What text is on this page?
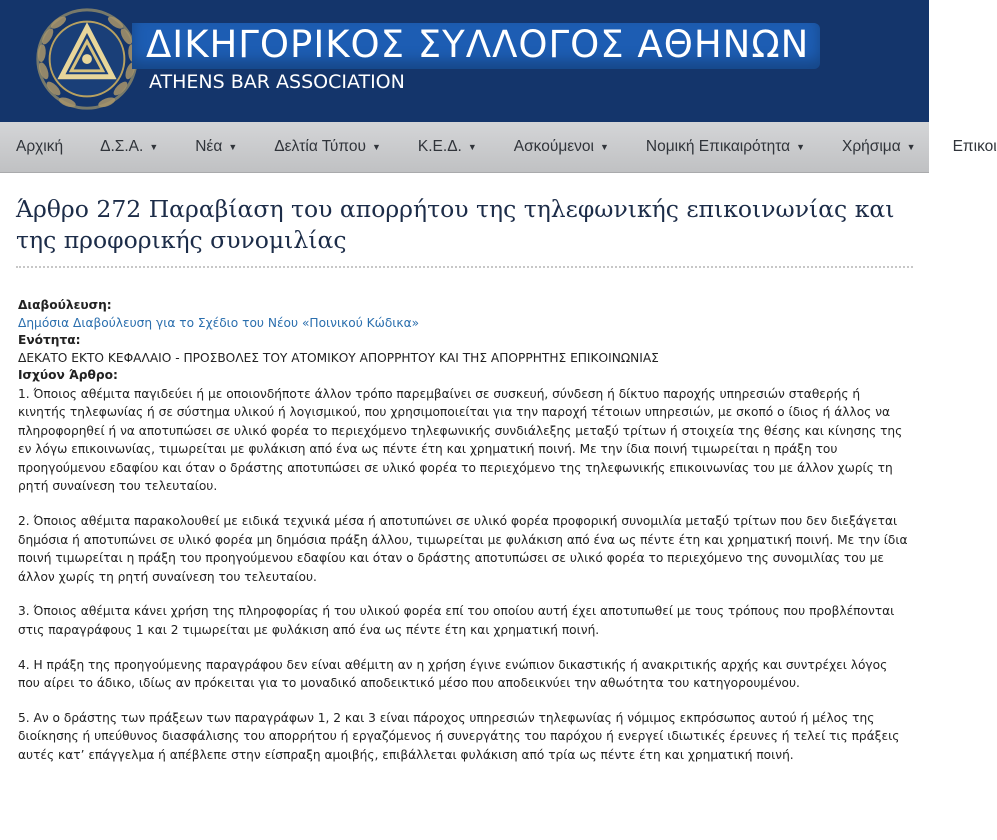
ΔΙΚΗΓΟΡΙΚΟΣ ΣΥΛΛΟΓΟΣ ΑΘΗΝΩΝ
ATHENS BAR ASSOCIATION
Αρχική Δ.Σ.Α. ▼ Νέα ▼ Δελτία Τύπου ▼ Κ.Ε.Δ. ▼ Ασκούμενοι ▼ Νομική Επικαιρότητα ▼ Χρήσιμα ▼ Επικοι
Άρθρο 272 Παραβίαση του απορρήτου της τηλεφωνικής επικοινωνίας και της προφορικής συνομιλίας
Διαβούλευση:
Δημόσια Διαβούλευση για το Σχέδιο του Νέου «Ποινικού Κώδικα»
Ενότητα:
ΔΕΚΑΤΟ ΕΚΤΟ ΚΕΦΑΛΑΙΟ - ΠΡΟΣΒΟΛΕΣ ΤΟΥ ΑΤΟΜΙΚΟΥ ΑΠΟΡΡΗΤΟΥ ΚΑΙ ΤΗΣ ΑΠΟΡΡΗΤΗΣ ΕΠΙΚΟΙΝΩΝΙΑΣ
Ισχύον Άρθρο:

1. Όποιος αθέμιτα παγιδεύει ή με οποιονδήποτε άλλον τρόπο παρεμβαίνει σε συσκευή, σύνδεση ή δίκτυο παροχής υπηρεσιών σταθερής ή κινητής τηλεφωνίας ή σε σύστημα υλικού ή λογισμικού, που χρησιμοποιείται για την παροχή τέτοιων υπηρεσιών, με σκοπό ο ίδιος ή άλλος να πληροφορηθεί ή να αποτυπώσει σε υλικό φορέα το περιεχόμενο τηλεφωνικής συνδιάλεξης μεταξύ τρίτων ή στοιχεία της θέσης και κίνησης της εν λόγω επικοινωνίας, τιμωρείται με φυλάκιση από ένα ως πέντε έτη και χρηματική ποινή. Με την ίδια ποινή τιμωρείται η πράξη του προηγούμενου εδαφίου και όταν ο δράστης αποτυπώσει σε υλικό φορέα το περιεχόμενο της τηλεφωνικής επικοινωνίας του με άλλον χωρίς τη ρητή συναίνεση του τελευταίου.

2. Όποιος αθέμιτα παρακολουθεί με ειδικά τεχνικά μέσα ή αποτυπώνει σε υλικό φορέα προφορική συνομιλία μεταξύ τρίτων που δεν διεξάγεται δημόσια ή αποτυπώνει σε υλικό φορέα μη δημόσια πράξη άλλου, τιμωρείται με φυλάκιση από ένα ως πέντε έτη και χρηματική ποινή. Με την ίδια ποινή τιμωρείται η πράξη του προηγούμενου εδαφίου και όταν ο δράστης αποτυπώσει σε υλικό φορέα το περιεχόμενο της συνομιλίας του με άλλον χωρίς τη ρητή συναίνεση του τελευταίου.

3. Όποιος αθέμιτα κάνει χρήση της πληροφορίας ή του υλικού φορέα επί του οποίου αυτή έχει αποτυπωθεί με τους τρόπους που προβλέπονται στις παραγράφους 1 και 2 τιμωρείται με φυλάκιση από ένα ως πέντε έτη και χρηματική ποινή.

4. Η πράξη της προηγούμενης παραγράφου δεν είναι αθέμιτη αν η χρήση έγινε ενώπιον δικαστικής ή ανακριτικής αρχής και συντρέχει λόγος που αίρει το άδικο, ιδίως αν πρόκειται για το μοναδικό αποδεικτικό μέσο που αποδεικνύει την αθωότητα του κατηγορουμένου.

5. Αν ο δράστης των πράξεων των παραγράφων 1, 2 και 3 είναι πάροχος υπηρεσιών τηλεφωνίας ή νόμιμος εκπρόσωπος αυτού ή μέλος της διοίκησης ή υπεύθυνος διασφάλισης του απορρήτου ή εργαζόμενος ή συνεργάτης του παρόχου ή ενεργεί ιδιωτικές έρευνες ή τελεί τις πράξεις αυτές κατ’ επάγγελμα ή απέβλεπε στην είσπραξη αμοιβής, επιβάλλεται φυλάκιση από τρία ως πέντε έτη και χρηματική ποινή.
